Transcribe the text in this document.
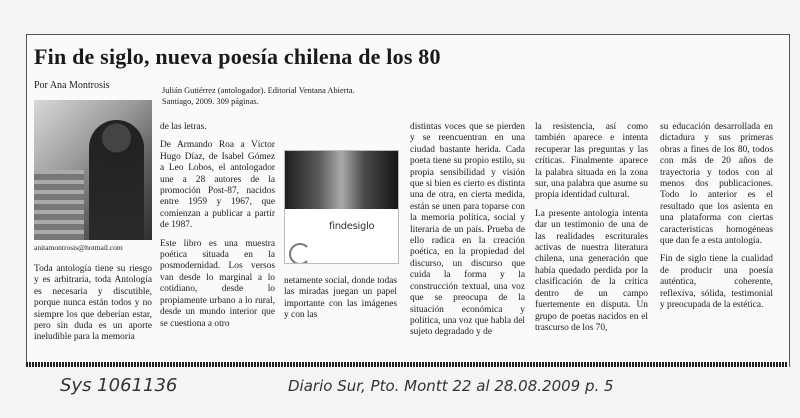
Fin de siglo, nueva poesía chilena de los 80
Por Ana Montrosis	Julián Gutiérrez (antologador). Editorial Ventana Abierta. Santiago, 2009. 309 páginas.
anitamontrosis@hotmail.com

Toda antología tiene su riesgo y es arbitraria, toda Antología es necesaria y discutible, porque nunca están todos y no siempre los que deberían estar, pero sin duda es un aporte ineludible para la memoria

de las letras.

De Armando Roa a Víctor Hugo Díaz, de Isabel Gómez a Leo Lobos, el antologador une a 28 autores de la promoción Post-87, nacidos entre 1959 y 1967, que comienzan a publicar a partir de 1987.

Este libro es una muestra poética situada en la posmodernidad. Los versos van desde lo marginal a lo cotidiano, desde lo propiamente urbano a lo rural, desde un mundo interior que se cuestiona a otro

findesiglo

netamente social, donde todas las miradas juegan un papel importante con las imágenes y con las

distintas voces que se pierden y se reencuentran en una ciudad bastante herida. Cada poeta tiene su propio estilo, su propia sensibilidad y visión que si bien es cierto es distinta una de otra, en cierta medida, están se unen para toparse con la memoria política, social y literaria de un país. Prueba de ello radica en la creación poética, en la propiedad del discurso, un discurso que cuida la forma y la construcción textual, una voz que se preocupa de la situación económica y política, una voz que habla del sujeto degradado y de

la resistencia, así como también aparece e intenta recuperar las preguntas y las críticas. Finalmente aparece la palabra situada en la zona sur, una palabra que asume su propia identidad cultural.

La presente antología intenta dar un testimonio de una de las realidades escriturales activas de nuestra literatura chilena, una generación que había quedado perdida por la clasificación de la crítica dentro de un campo fuertemente en disputa. Un grupo de poetas nacidos en el trascurso de los 70,

su educación desarrollada en dictadura y sus primeras obras a fines de los 80, todos con más de 20 años de trayectoria y todos con al menos dos publicaciones. Todo lo anterior es el resultado que los asienta en una plataforma con ciertas características homogéneas que dan fe a esta antología.

Fin de siglo tiene la cualidad de producir una poesía auténtica, coherente, reflexiva, sólida, testimonial y preocupada de la estética.

Sys 1061136	Diario Sur, Pto. Montt 22 al 28.08.2009 p. 5
